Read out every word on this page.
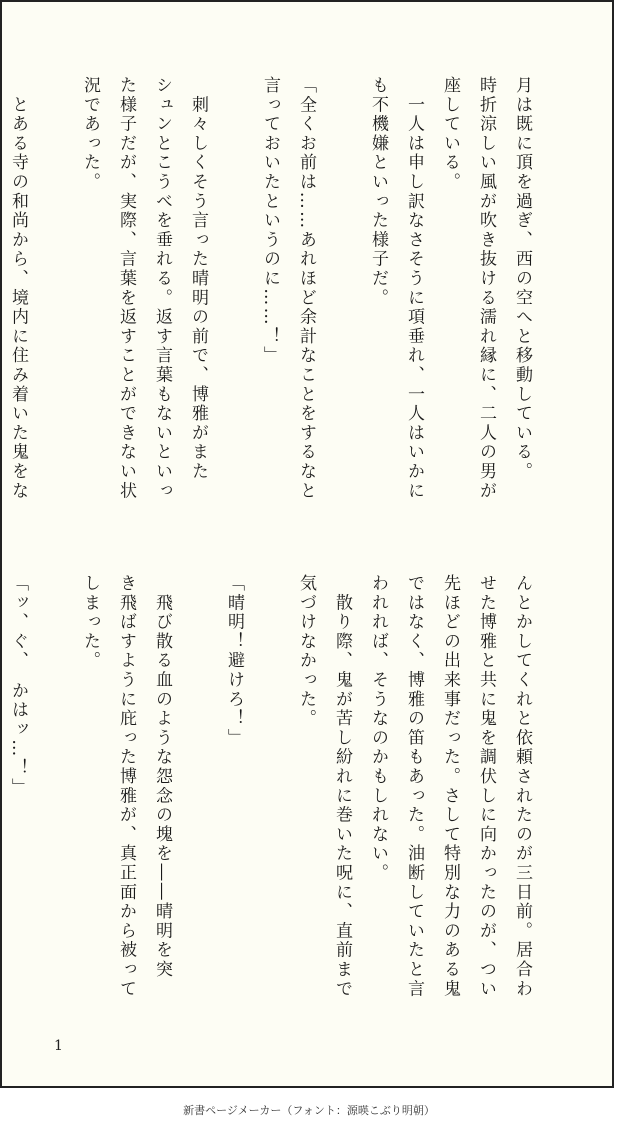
月は既に頂を過ぎ、西の空へと移動している。
時折涼しい風が吹き抜ける濡れ縁に、二人の男が
座している。
　一人は申し訳なさそうに項垂れ、一人はいかに
も不機嫌といった様子だ。

「全くお前は……あれほど余計なことをするなと
言っておいたというのに……！」

　刺々しくそう言った晴明の前で、博雅がまた
シュンとこうべを垂れる。返す言葉もないといっ
た様子だが、実際、言葉を返すことができない状
況であった。

　とある寺の和尚から、境内に住み着いた鬼をな
んとかしてくれと依頼されたのが三日前。居合わ
せた博雅と共に鬼を調伏しに向かったのが、つい
先ほどの出来事だった。さして特別な力のある鬼
ではなく、博雅の笛もあった。油断していたと言
われれば、そうなのかもしれない。
　散り際、鬼が苦し紛れに巻いた呪に、直前まで
気づけなかった。

「晴明！避けろ！」

　飛び散る血のような怨念の塊を――晴明を突
き飛ばすように庇った博雅が、真正面から被って
しまった。

「ッ、ぐ、　かはッ…！」
1
新書ページメーカー（フォント：源暎こぶり明朝）
